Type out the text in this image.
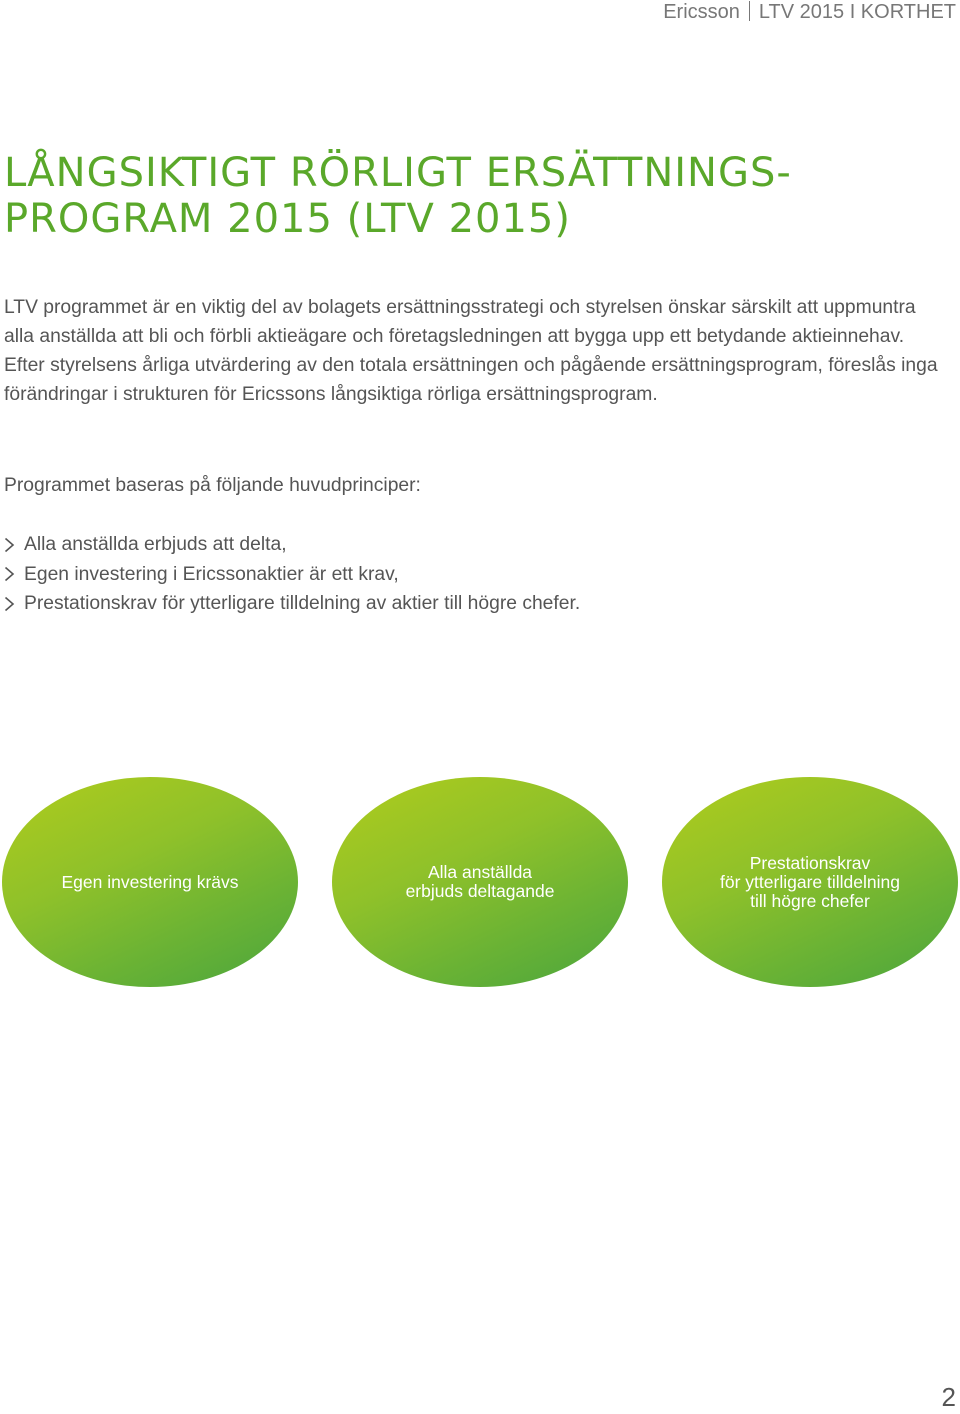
Ericsson LTV 2015 I KORTHET
LÅNGSIKTIGT RÖRLIGT ERSÄTTNINGS-
PROGRAM 2015 (LTV 2015)

LTV programmet är en viktig del av bolagets ersättningsstrategi och styrelsen önskar särskilt att uppmuntra alla anställda att bli och förbli aktieägare och företagsledningen att bygga upp ett betydande aktieinnehav. Efter styrelsens årliga utvärdering av den totala ersättningen och pågående ersättningsprogram, föreslås inga förändringar i strukturen för Ericssons långsiktiga rörliga ersättningsprogram.

Programmet baseras på följande huvudprinciper:

Alla anställda erbjuds att delta,
Egen investering i Ericssonaktier är ett krav,
Prestationskrav för ytterligare tilldelning av aktier till högre chefer.
Egen investering krävs	Alla anställda
erbjuds deltagande
Prestationskrav
för ytterligare tilldelning
till högre chefer
2
